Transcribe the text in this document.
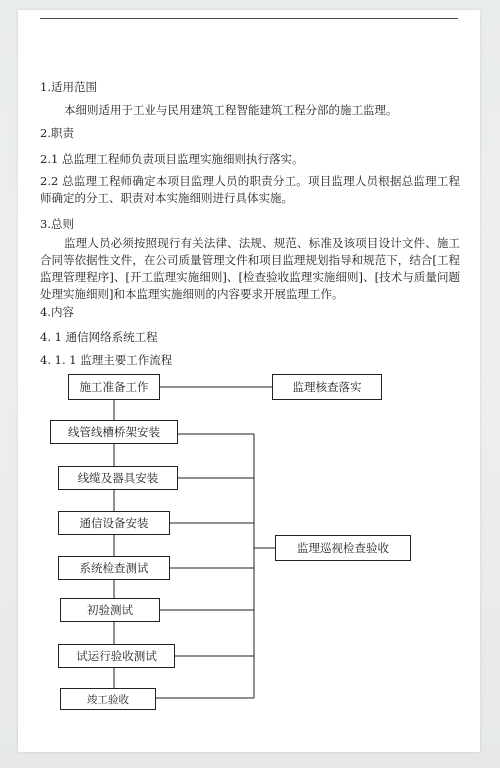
1.适用范围
本细则适用于工业与民用建筑工程智能建筑工程分部的施工监理。
2.职责
2.1 总监理工程师负责项目监理实施细则执行落实。
2.2 总监理工程师确定本项目监理人员的职责分工。项目监理人员根据总监理工程师确定的分工、职责对本实施细则进行具体实施。
3.总则
监理人员必须按照现行有关法律、法规、规范、标准及该项目设计文件、施工合同等依据性文件，在公司质量管理文件和项目监理规划指导和规范下，结合[工程监理管理程序]、[开工监理实施细则]、[检查验收监理实施细则]、[技术与质量问题处理实施细则]和本监理实施细则的内容要求开展监理工作。
4.内容
4. 1 通信网络系统工程
4. 1. 1 监理主要工作流程
施工准备工作
线管线槽桥架安装
线缆及器具安装
通信设备安装
系统检查测试
初验测试
试运行验收测试
竣工验收
监理核查落实
监理巡视检查验收
